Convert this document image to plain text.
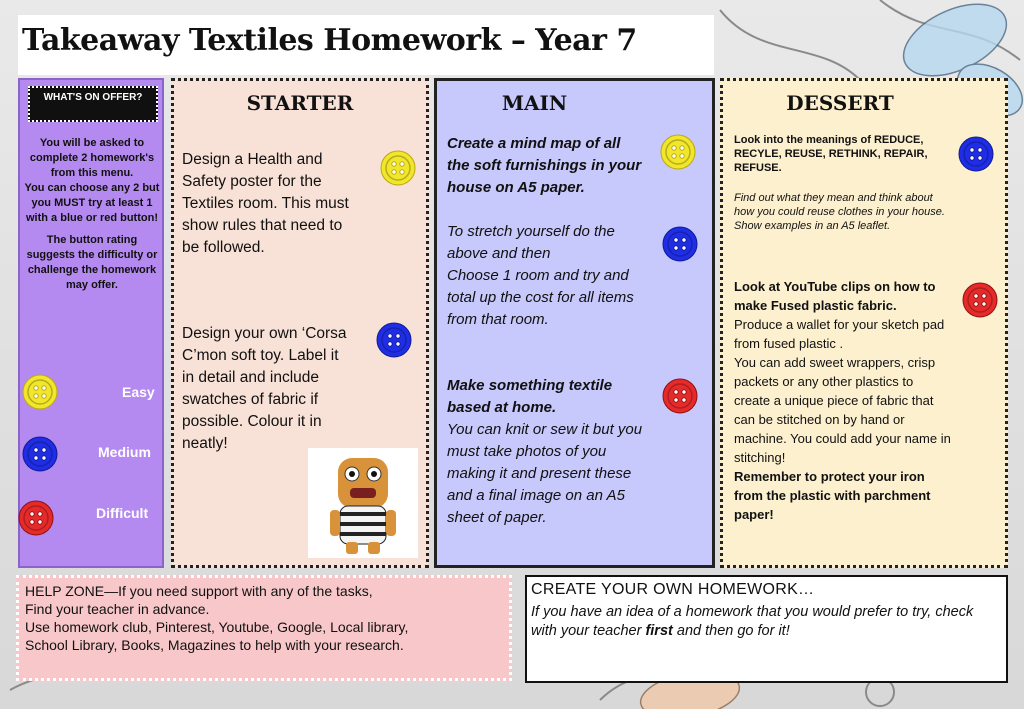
Takeaway Textiles Homework – Year 7
WHAT'S ON OFFER?

You will be asked to complete 2 homework's from this menu.

You can choose any 2 but you MUST try at least 1 with a blue or red button!

The button rating suggests the difficulty or challenge the homework may offer.

Easy
Medium
Difficult
STARTER
Design a Health and Safety poster for the Textiles room. This must show rules that need to be followed.
Design your own ‘Corsa C’mon soft toy. Label it in detail and include swatches of fabric if possible. Colour it in neatly!
MAIN
Create a mind map of all the soft furnishings in your house on A5 paper.
To stretch yourself do the above and then
Choose 1 room and try and total up the cost for all items from that room.
Make something textile based at home.
You can knit or sew it but you must take photos of you making it and present these and a final image on an A5 sheet of paper.
DESSERT
Look into the meanings of REDUCE, RECYLE, REUSE, RETHINK, REPAIR, REFUSE.
Find out what they mean and think about how you could reuse clothes in your house. Show examples in an A5 leaflet.
Look at YouTube clips on how to make Fused plastic fabric.
Produce a wallet for your sketch pad from fused plastic .
You can add sweet wrappers, crisp packets or any other plastics to create a unique piece of fabric that can be stitched on by hand or machine. You could add your name in stitching!
Remember to protect your iron from the plastic with parchment paper!
HELP ZONE—If you need support with any of the tasks,
Find your teacher in advance.
Use homework club, Pinterest, Youtube, Google, Local library,
School Library, Books, Magazines to help with your research.
CREATE YOUR OWN HOMEWORK…
If you have an idea of a homework that you would prefer to try, check with your teacher first and then go for it!
